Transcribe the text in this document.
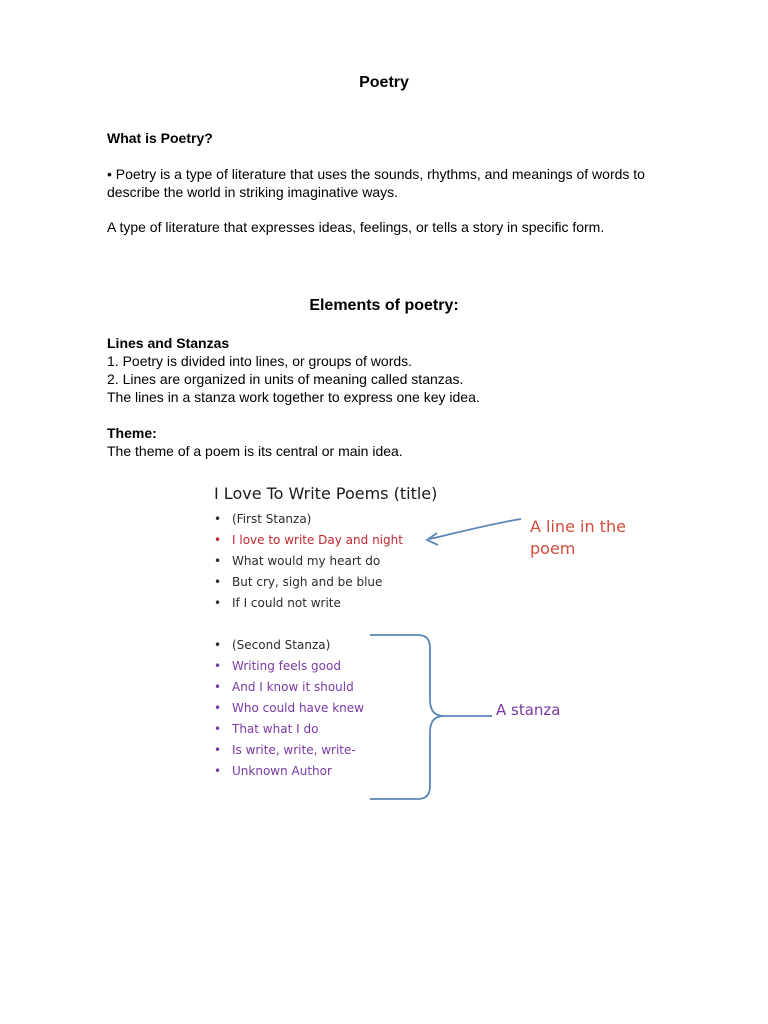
Poetry
What is Poetry?
• Poetry is a type of literature that uses the sounds, rhythms, and meanings of words to describe the world in striking imaginative ways.
A type of literature that expresses ideas, feelings, or tells a story in specific form.
Elements of poetry:
Lines and Stanzas
1. Poetry is divided into lines, or groups of words.
2. Lines are organized in units of meaning called stanzas.
The lines in a stanza work together to express one key idea.
Theme:
The theme of a poem is its central or main idea.
I Love To Write Poems (title)
• (First Stanza)
• I love to write Day and night
• What would my heart do
• But cry, sigh and be blue
• If I could not write
• (Second Stanza)
• Writing feels good
• And I know it should
• Who could have knew
• That what I do
• Is write, write, write-
• Unknown Author
A line in the
poem
A stanza
